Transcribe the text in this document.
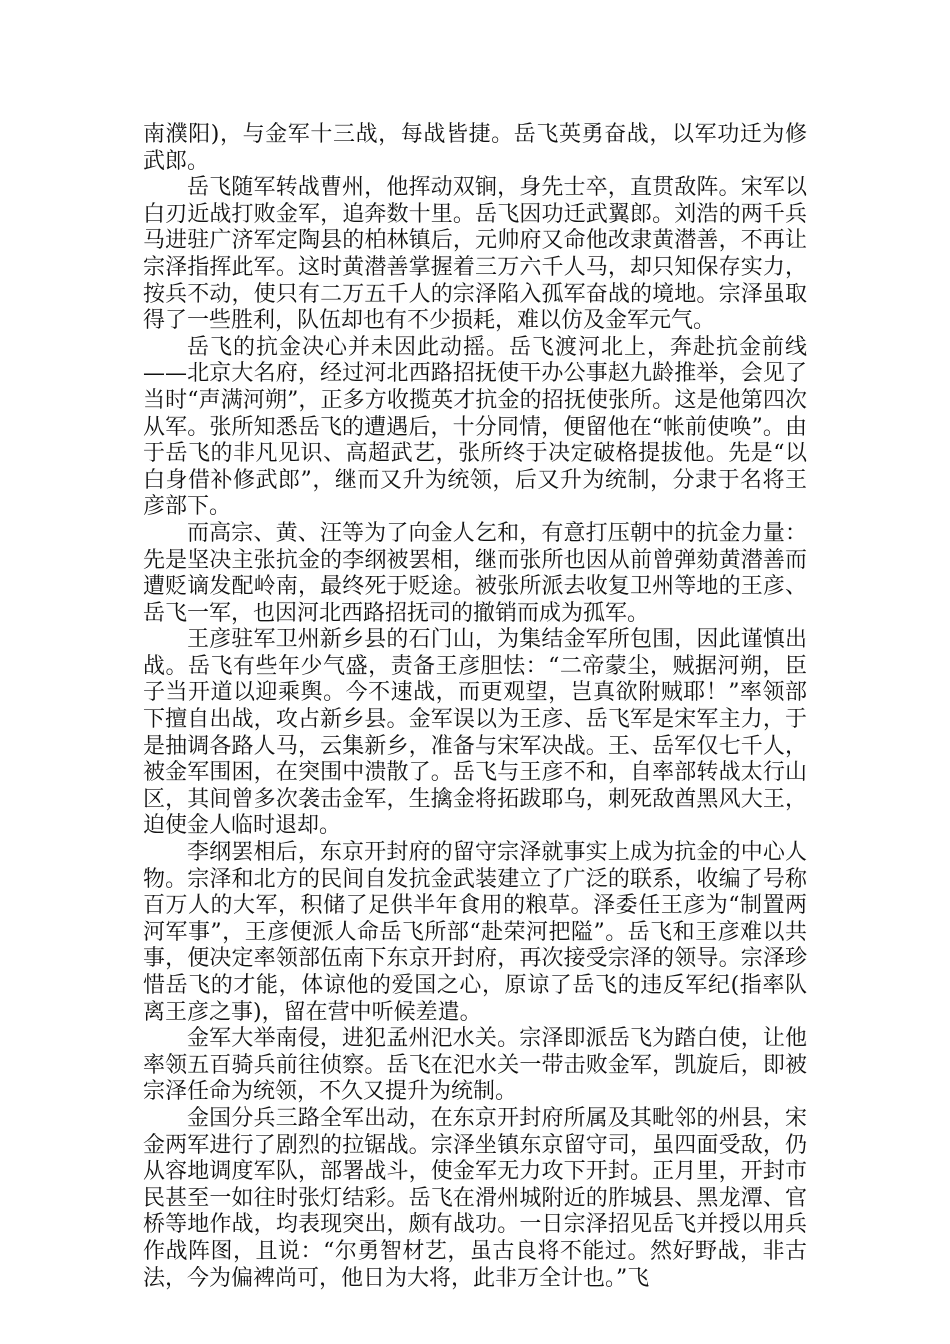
南濮阳)，与金军十三战，每战皆捷。岳飞英勇奋战，以军功迁为修武郎。

岳飞随军转战曹州，他挥动双锏，身先士卒，直贯敌阵。宋军以白刃近战打败金军，追奔数十里。岳飞因功迁武翼郎。刘浩的两千兵马进驻广济军定陶县的柏林镇后，元帅府又命他改隶黄潜善，不再让宗泽指挥此军。这时黄潜善掌握着三万六千人马，却只知保存实力，按兵不动，使只有二万五千人的宗泽陷入孤军奋战的境地。宗泽虽取得了一些胜利，队伍却也有不少损耗，难以仿及金军元气。

岳飞的抗金决心并未因此动摇。岳飞渡河北上，奔赴抗金前线——北京大名府，经过河北西路招抚使干办公事赵九龄推举，会见了当时“声满河朔”，正多方收揽英才抗金的招抚使张所。这是他第四次从军。张所知悉岳飞的遭遇后，十分同情，便留他在“帐前使唤”。由于岳飞的非凡见识、高超武艺，张所终于决定破格提拔他。先是“以白身借补修武郎”，继而又升为统领，后又升为统制，分隶于名将王彦部下。

而高宗、黄、汪等为了向金人乞和，有意打压朝中的抗金力量：先是坚决主张抗金的李纲被罢相，继而张所也因从前曾弹劾黄潜善而遭贬谪发配岭南，最终死于贬途。被张所派去收复卫州等地的王彦、岳飞一军，也因河北西路招抚司的撤销而成为孤军。

王彦驻军卫州新乡县的石门山，为集结金军所包围，因此谨慎出战。岳飞有些年少气盛，责备王彦胆怯：“二帝蒙尘，贼据河朔，臣子当开道以迎乘舆。今不速战，而更观望，岂真欲附贼耶！”率领部下擅自出战，攻占新乡县。金军误以为王彦、岳飞军是宋军主力，于是抽调各路人马，云集新乡，准备与宋军决战。王、岳军仅七千人，被金军围困，在突围中溃散了。岳飞与王彦不和，自率部转战太行山区，其间曾多次袭击金军，生擒金将拓跋耶乌，刺死敌酋黑风大王，迫使金人临时退却。

李纲罢相后，东京开封府的留守宗泽就事实上成为抗金的中心人物。宗泽和北方的民间自发抗金武装建立了广泛的联系，收编了号称百万人的大军，积储了足供半年食用的粮草。泽委任王彦为“制置两河军事”，王彦便派人命岳飞所部“赴荣河把隘”。岳飞和王彦难以共事，便决定率领部伍南下东京开封府，再次接受宗泽的领导。宗泽珍惜岳飞的才能，体谅他的爱国之心，原谅了岳飞的违反军纪(指率队离王彦之事)，留在营中听候差遣。

金军大举南侵，进犯孟州汜水关。宗泽即派岳飞为踏白使，让他率领五百骑兵前往侦察。岳飞在汜水关一带击败金军，凯旋后，即被宗泽任命为统领，不久又提升为统制。

金国分兵三路全军出动，在东京开封府所属及其毗邻的州县，宋金两军进行了剧烈的拉锯战。宗泽坐镇东京留守司，虽四面受敌，仍从容地调度军队，部署战斗，使金军无力攻下开封。正月里，开封市民甚至一如往时张灯结彩。岳飞在滑州城附近的胙城县、黑龙潭、官桥等地作战，均表现突出，颇有战功。一日宗泽招见岳飞并授以用兵作战阵图，且说：“尔勇智材艺，虽古良将不能过。然好野战，非古法，今为偏裨尚可，他日为大将，此非万全计也。”飞
